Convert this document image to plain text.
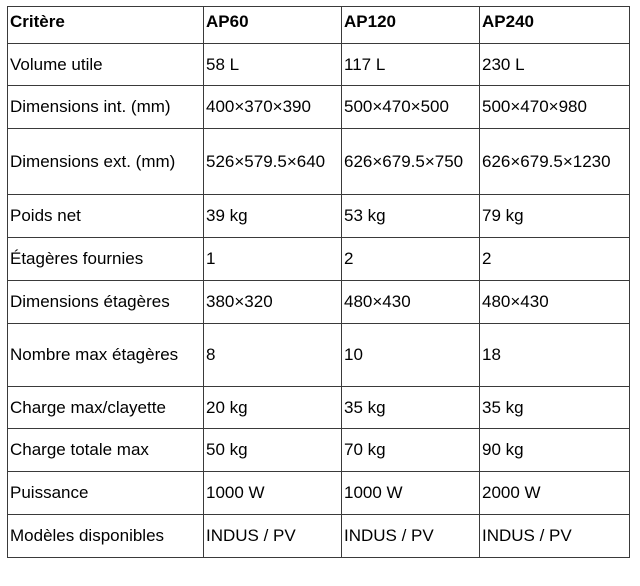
Critère	AP60	AP120	AP240
Volume utile	58 L	117 L	230 L
Dimensions int. (mm)	400×370×390	500×470×500	500×470×980
Dimensions ext. (mm)	526×579.5×640	626×679.5×750	626×679.5×1230
Poids net	39 kg	53 kg	79 kg
Étagères fournies	1	2	2
Dimensions étagères	380×320	480×430	480×430
Nombre max étagères	8	10	18
Charge max/clayette	20 kg	35 kg	35 kg
Charge totale max	50 kg	70 kg	90 kg
Puissance	1000 W	1000 W	2000 W
Modèles disponibles	INDUS / PV	INDUS / PV	INDUS / PV
